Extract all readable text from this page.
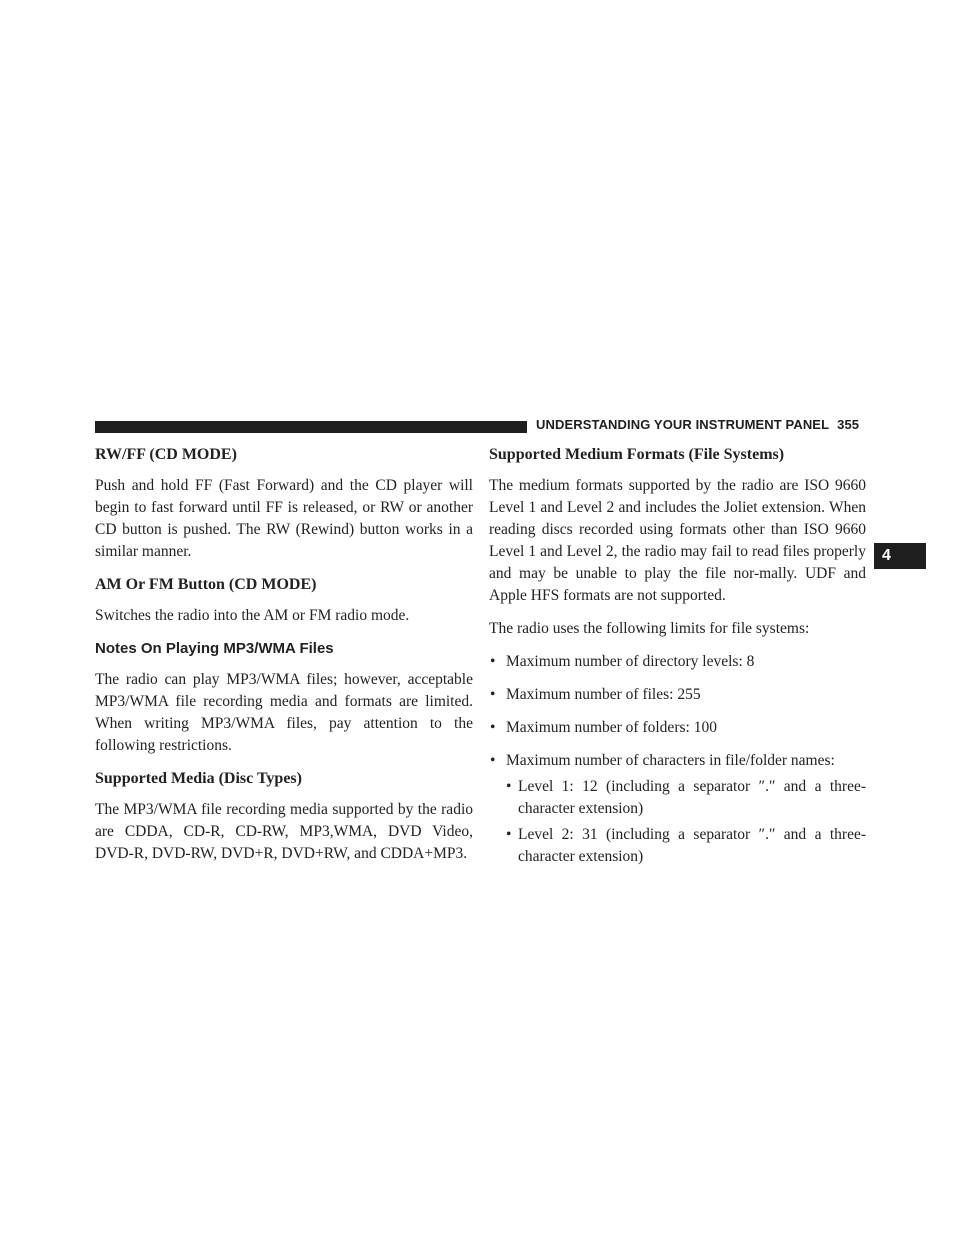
UNDERSTANDING YOUR INSTRUMENT PANEL 355
4
RW/FF (CD MODE)

Push and hold FF (Fast Forward) and the CD player will begin to fast forward until FF is released, or RW or another CD button is pushed. The RW (Rewind) button works in a similar manner.

AM Or FM Button (CD MODE)

Switches the radio into the AM or FM radio mode.

Notes On Playing MP3/WMA Files

The radio can play MP3/WMA files; however, acceptable MP3/WMA file recording media and formats are limited. When writing MP3/WMA files, pay attention to the following restrictions.

Supported Media (Disc Types)

The MP3/WMA file recording media supported by the radio are CDDA, CD-R, CD-RW, MP3,WMA, DVD Video, DVD-R, DVD-RW, DVD+R, DVD+RW, and CDDA+MP3.

Supported Medium Formats (File Systems)

The medium formats supported by the radio are ISO 9660 Level 1 and Level 2 and includes the Joliet extension. When reading discs recorded using formats other than ISO 9660 Level 1 and Level 2, the radio may fail to read files properly and may be unable to play the file nor-mally. UDF and Apple HFS formats are not supported.

The radio uses the following limits for file systems:

• Maximum number of directory levels: 8
• Maximum number of files: 255
• Maximum number of folders: 100
• Maximum number of characters in file/folder names:
• Level 1: 12 (including a separator ″.″ and a three-character extension)
• Level 2: 31 (including a separator ″.″ and a three-character extension)
